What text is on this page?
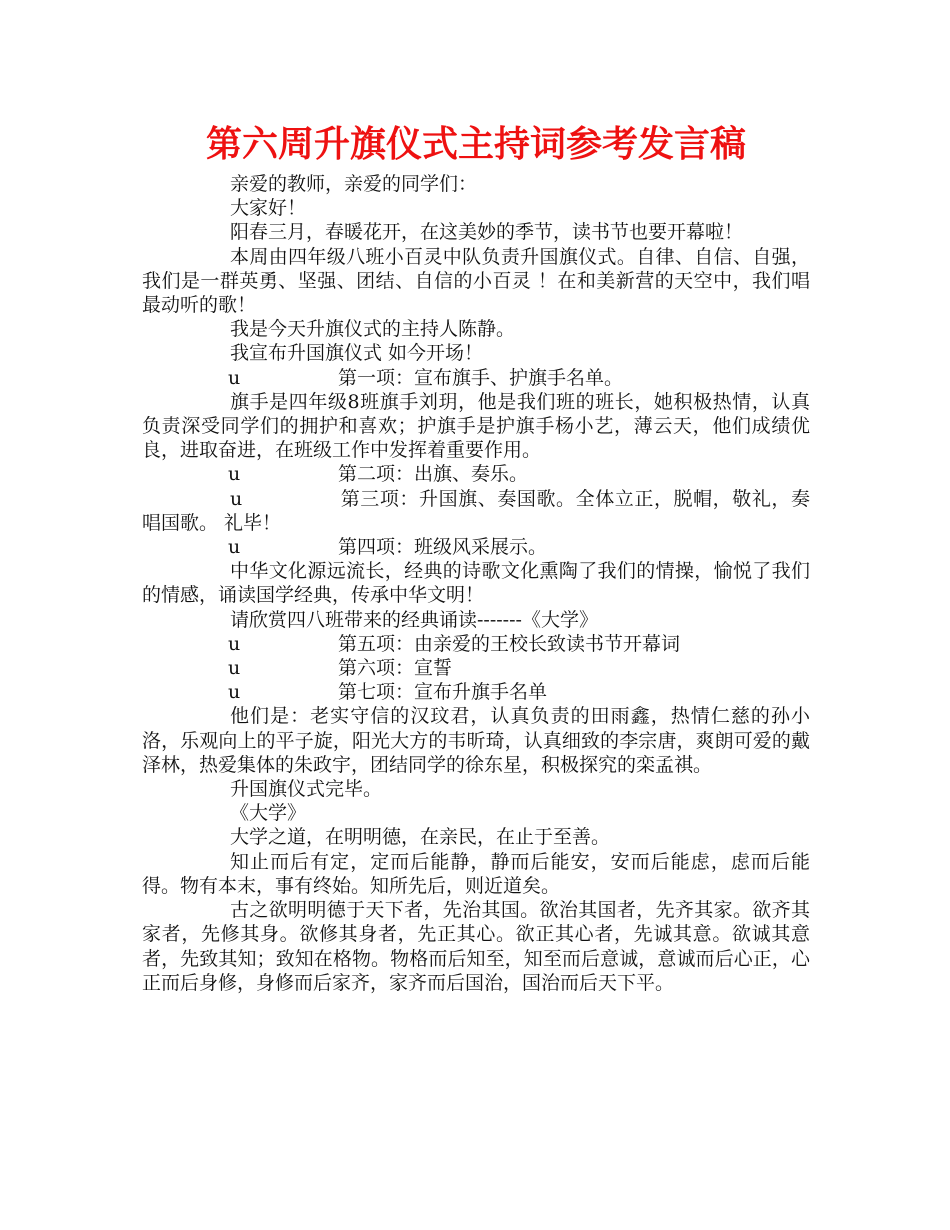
第六周升旗仪式主持词参考发言稿
亲爱的教师，亲爱的同学们：
大家好！
阳春三月，春暖花开，在这美妙的季节，读书节也要开幕啦！
本周由四年级八班小百灵中队负责升国旗仪式。自律、自信、自强，我们是一群英勇、坚强、团结、自信的小百灵 ！在和美新营的天空中，我们唱 最动听的歌！
我是今天升旗仪式的主持人陈静。
我宣布升国旗仪式 如今开场！
u	第一项：宣布旗手、护旗手名单。
旗手是四年级8班旗手刘玥，他是我们班的班长，她积极热情，认真负责深受同学们的拥护和喜欢；护旗手是护旗手杨小艺，薄云天，他们成绩优良，进取奋进，在班级工作中发挥着重要作用。
u	第二项：出旗、奏乐。
u　　　　　第三项：升国旗、奏国歌。全体立正，脱帽，敬礼，奏唱国歌。 礼毕！
u	第四项：班级风采展示。
中华文化源远流长，经典的诗歌文化熏陶了我们的情操，愉悦了我们的情感，诵读国学经典，传承中华文明！
请欣赏四八班带来的经典诵读-------《大学》
u	第五项：由亲爱的王校长致读书节开幕词
u	第六项：宣誓
u	第七项：宣布升旗手名单
他们是：老实守信的汉玟君，认真负责的田雨鑫，热情仁慈的孙小洛，乐观向上的平子旋，阳光大方的韦昕琦，认真细致的李宗唐，爽朗可爱的戴泽林，热爱集体的朱政宇，团结同学的徐东星，积极探究的栾孟祺。
升国旗仪式完毕。
《大学》
大学之道，在明明德，在亲民，在止于至善。
知止而后有定，定而后能静，静而后能安，安而后能虑，虑而后能得。物有本末，事有终始。知所先后，则近道矣。
古之欲明明德于天下者，先治其国。欲治其国者，先齐其家。欲齐其家者，先修其身。欲修其身者，先正其心。欲正其心者，先诚其意。欲诚其意者，先致其知；致知在格物。物格而后知至，知至而后意诚，意诚而后心正，心正而后身修，身修而后家齐，家齐而后国治，国治而后天下平。
